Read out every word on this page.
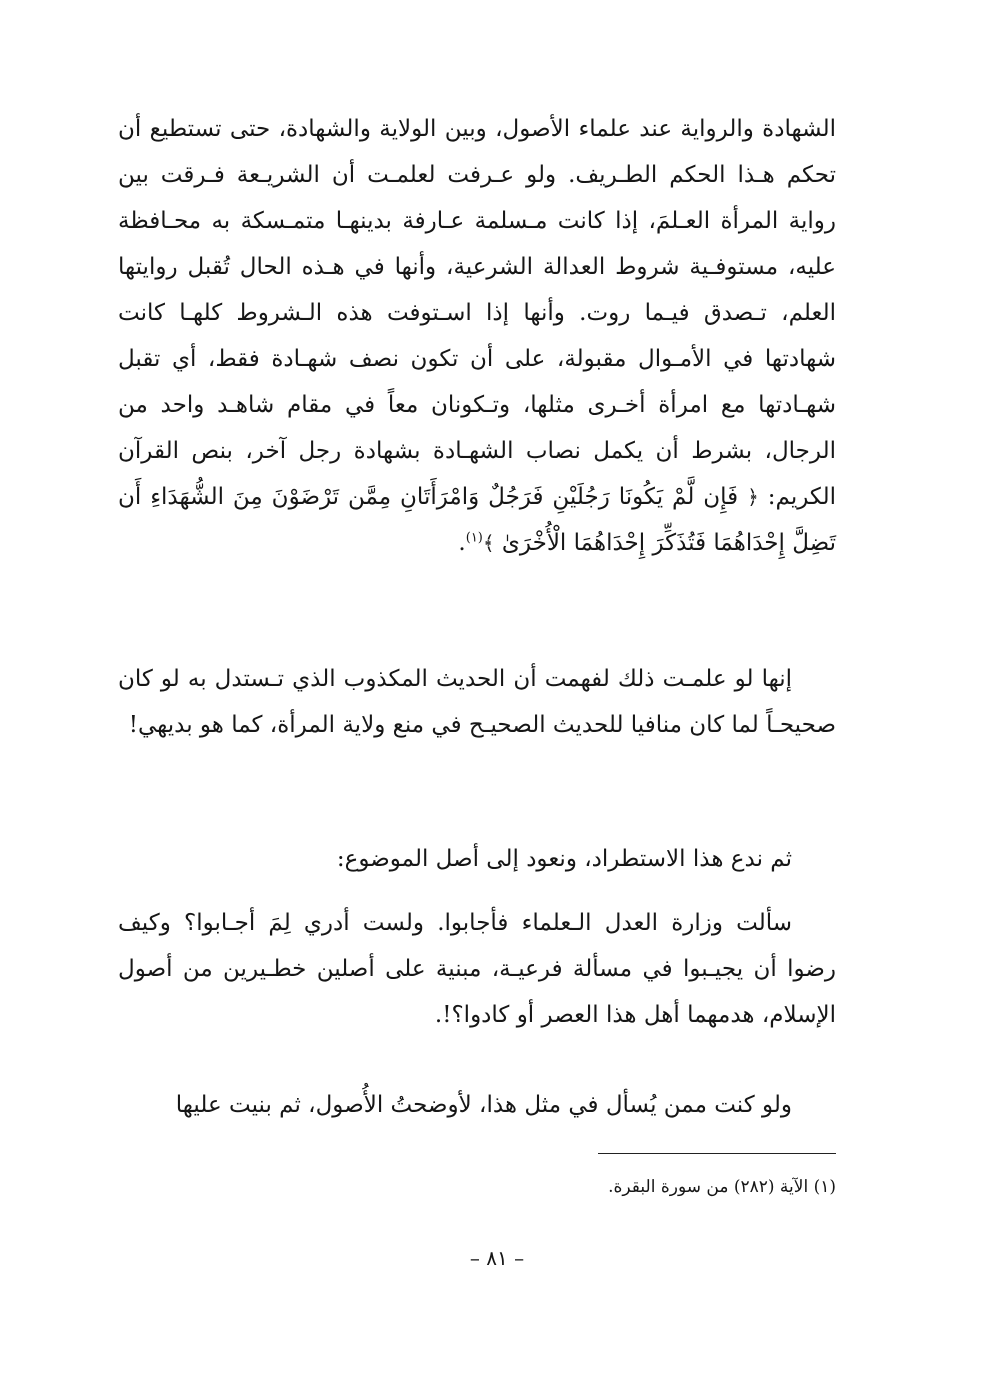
الشهادة والرواية عند علماء الأصول، وبين الولاية والشهادة، حتى تستطيع أن تحكم هـذا الحكم الطـريف. ولو عـرفت لعلمـت أن الشريـعة فـرقت بين رواية المرأة العـلمَ، إذا كانت مـسلمة عـارفة بدينهـا متمـسكة به محـافظة عليه، مستوفـية شروط العدالة الشرعية، وأنها في هـذه الحال تُقبل روايتها العلم، تـصدق فيـما روت. وأنها إذا اسـتوفت هذه الـشروط كلهـا كانت شهادتها في الأمـوال مقبولة، على أن تكون نصف شهـادة فقط، أي تقبل شهـادتها مع امرأة أخـرى مثلها، وتـكونان معاً في مقام شاهـد واحد من الرجال، بشرط أن يكمل نصاب الشهـادة بشهادة رجل آخر، بنص القرآن الكريم: ﴿ فَإِن لَّمْ يَكُونَا رَجُلَيْنِ فَرَجُلٌ وَامْرَأَتَانِ مِمَّن تَرْضَوْنَ مِنَ الشُّهَدَاءِ أَن تَضِلَّ إِحْدَاهُمَا فَتُذَكِّرَ إِحْدَاهُمَا الْأُخْرَىٰ ﴾$^{(١)}$.

إنها لو علمـت ذلك لفهمت أن الحديث المكذوب الذي تـستدل به لو كان صحيحـاً لما كان منافيا للحديث الصحيـح في منع ولاية المرأة، كما هو بديهي!

ثم ندع هذا الاستطراد، ونعود إلى أصل الموضوع:

سألت وزارة العدل الـعلماء فأجابوا. ولست أدري لِمَ أجـابوا؟ وكيف رضوا أن يجيـبوا في مسألة فرعيـة، مبنية على أصلين خطـيرين من أصول الإسلام، هدمهما أهل هذا العصر أو كادوا؟!.

ولو كنت ممن يُسأل في مثل هذا، لأوضحتُ الأُصول، ثم بنيت عليها

(١) الآية (٢٨٢) من سورة البقرة.
– ٨١ –
